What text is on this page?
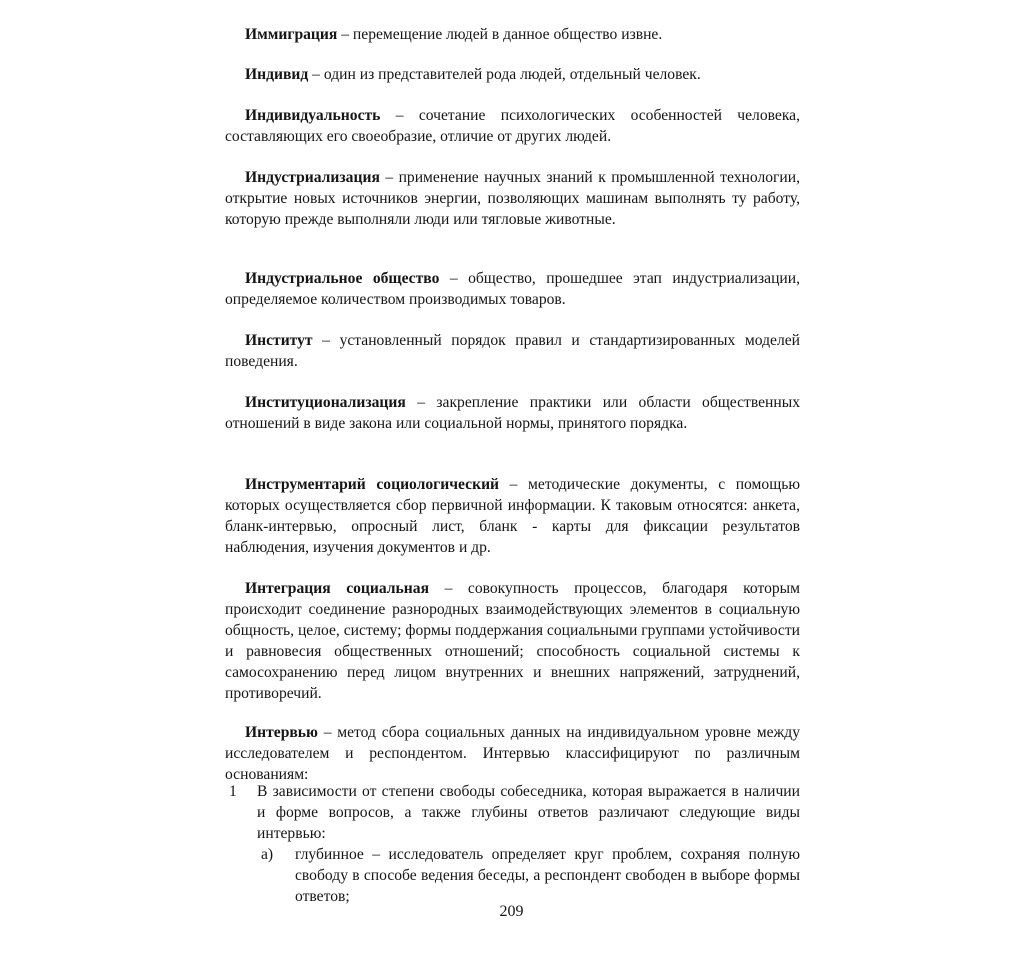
Иммиграция – перемещение людей в данное общество извне.

Индивид – один из представителей рода людей, отдельный человек.

Индивидуальность – сочетание психологических особенностей человека, составляющих его своеобразие, отличие от других людей.

Индустриализация – применение научных знаний к промышленной технологии, открытие новых источников энергии, позволяющих машинам выполнять ту работу, которую прежде выполняли люди или тягловые животные.

Индустриальное общество – общество, прошедшее этап индустриализации, определяемое количеством производимых товаров.

Институт – установленный порядок правил и стандартизированных моделей поведения.

Институционализация – закрепление практики или области общественных отношений в виде закона или социальной нормы, принятого порядка.

Инструментарий социологический – методические документы, с помощью которых осуществляется сбор первичной информации. К таковым относятся: анкета, бланк-интервью, опросный лист, бланк - карты для фиксации результатов наблюдения, изучения документов и др.

Интеграция социальная – совокупность процессов, благодаря которым происходит соединение разнородных взаимодействующих элементов в социальную общность, целое, систему; формы поддержания социальными группами устойчивости и равновесия общественных отношений; способность социальной системы к самосохранению перед лицом внутренних и внешних напряжений, затруднений, противоречий.

Интервью – метод сбора социальных данных на индивидуальном уровне между исследователем и респондентом. Интервью классифицируют по различным основаниям:

1 В зависимости от степени свободы собеседника, которая выражается в наличии и форме вопросов, а также глубины ответов различают следующие виды интервью:
а) глубинное – исследователь определяет круг проблем, сохраняя полную свободу в способе ведения беседы, а респондент свободен в выборе формы ответов;
209
